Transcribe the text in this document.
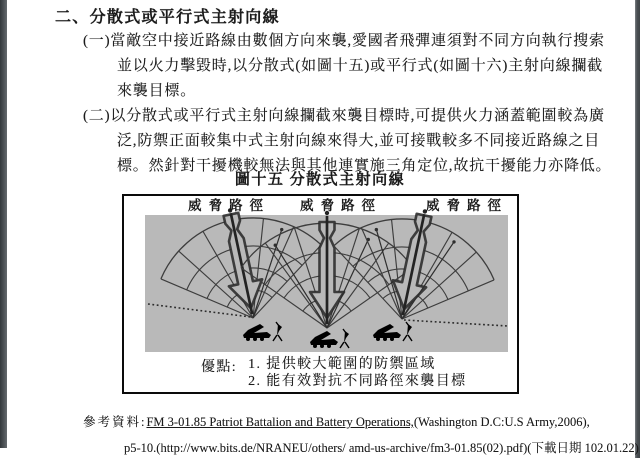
二、分散式或平行式主射向線
(一)當敵空中接近路線由數個方向來襲,愛國者飛彈連須對不同方向執行搜索
並以火力擊毀時,以分散式(如圖十五)或平行式(如圖十六)主射向線攔截
來襲目標。
(二)以分散式或平行式主射向線攔截來襲目標時,可提供火力涵蓋範圍較為廣
泛,防禦正面較集中式主射向線來得大,並可接戰較多不同接近路線之目
標。然針對干擾機較無法與其他連實施三角定位,故抗干擾能力亦降低。
圖十五 分散式主射向線
威脅路徑 威脅路徑	威脅路徑
優點: 1. 提供較大範圍的防禦區域
2. 能有效對抗不同路徑來襲目標
參考資料:FM 3-01.85 Patriot Battalion and Battery Operations,(Washington D.C:U.S Army,2006),
p5-10.(http://www.bits.de/NRANEU/others/ amd-us-archive/fm3-01.85(02).pdf)(下載日期 102.01.22)
